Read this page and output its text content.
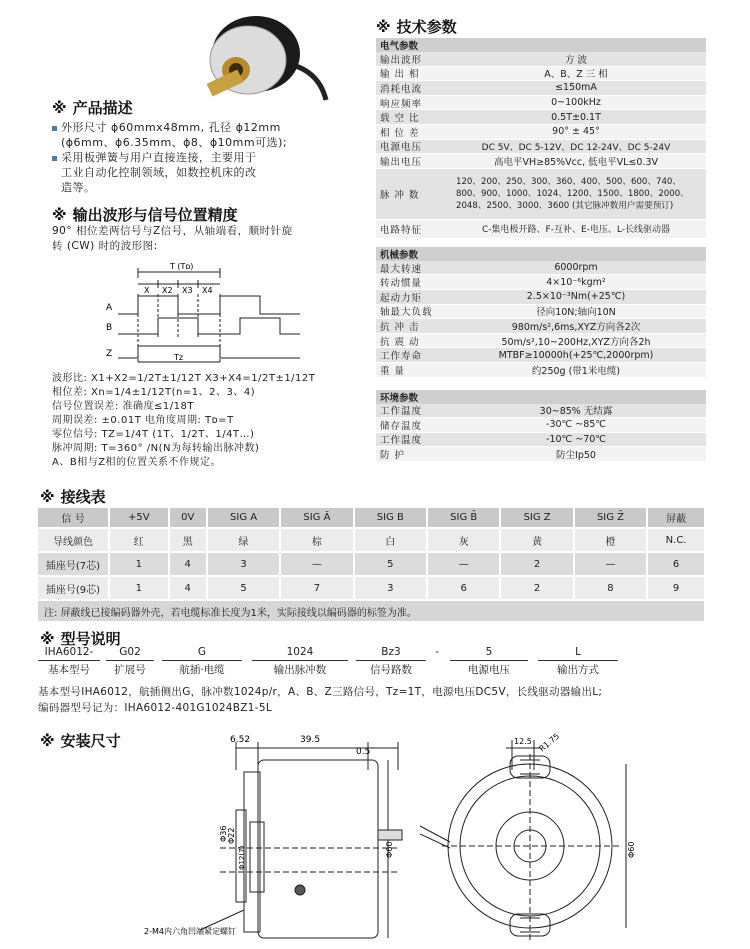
※ 产品描述
外形尺寸 ϕ60mmx48mm, 孔径 ϕ12mm
(ϕ6mm、ϕ6.35mm、ϕ8、ϕ10mm可选);
采用板弹簧与用户直接连接，主要用于
工业自动化控制领域，如数控机床的改
造等。
※ 输出波形与信号位置精度
90° 相位差两信号与Z信号，从轴端看，顺时针旋
转 (CW) 时的波形图:
T (Tᴅ)
X X2 X3 X4
A
B
Z	Tᴢ
波形比: X1+X2=1/2T±1/12T X3+X4=1/2T±1/12T
相位差: Xn=1/4±1/12T(n=1、2、3、4)
信号位置误差: 准确度≤1/18T
周期误差: ±0.01T 电角度周期: Tᴅ=T
零位信号: TZ=1/4T (1T、1/2T、1/4T…)
脉冲周期: T=360° /N(N为每转输出脉冲数)
A、B相与Z相的位置关系不作规定。
※ 技术参数
电气参数
输出波形	方 波
输 出 相	A、B、Z 三 相
消耗电流	≤150mA
响应频率	0~100kHz
载 空 比	0.5T±0.1T
相 位 差	90° ± 45°
电源电压	DC 5V、DC 5-12V、DC 12-24V、DC 5-24V
输出电压	高电平VH≥85%Vcc, 低电平VL≤0.3V
脉 冲 数
120、200、250、300、360、400、500、600、740、
800、900、1000、1024、1200、1500、1800、2000、
2048、2500、3000、3600 (其它脉冲数用户需要预订)
电路特征	C-集电极开路、F-互补、E-电压、L-长线驱动器
机械参数
最大转速	6000rpm
转动惯量	4×10⁻⁶kgm²
起动力矩	2.5×10⁻³Nm(+25℃)
轴最大负载	径向10N;轴向10N
抗 冲 击	980m/s²,6ms,XYZ方向各2次
抗 震 动	50m/s²,10~200Hz,XYZ方向各2h
工作寿命	MTBF≥10000h(+25℃,2000rpm)
重 量	约250g (带1米电缆)
环境参数
工作温度	30~85% 无结露
储存温度	-30℃ ~85℃
工作温度	-10℃ ~70℃
防 护	防尘Ip50
※ 接线表
信 号	+5V	0V	SIG A	SIG Ā	SIG B	SIG B̄	SIG Z	SIG Z̄	屏蔽
导线颜色	红	黑	绿	棕	白	灰	黄	橙	N.C.
插座号(7芯)	1	4	3	—	5	—	2	—	6
插座号(9芯)	1	4	5	7	3	6	2	8	9
注: 屏蔽线已接编码器外壳，若电缆标准长度为1米，实际接线以编码器的标签为准。									
※ 型号说明
IHA6012-
基本型号
G02
扩展号
G
航插·电缆
1024
输出脉冲数
Bz3
信号路数
-	5
电源电压
L
输出方式
基本型号IHA6012，航插侧出G，脉冲数1024p/r，A、B、Z三路信号，Tz=1T，电源电压DC5V，长线驱动器输出L;
编码器型号记为：IHA6012-401G1024BZ1-5L
※ 安装尺寸	6.52	39.5
0.5
Φ36 Φ22
Φ12(7)	Φ60
2-M4内六角凹端紧定螺钉
12.5 R1.75
Φ60
